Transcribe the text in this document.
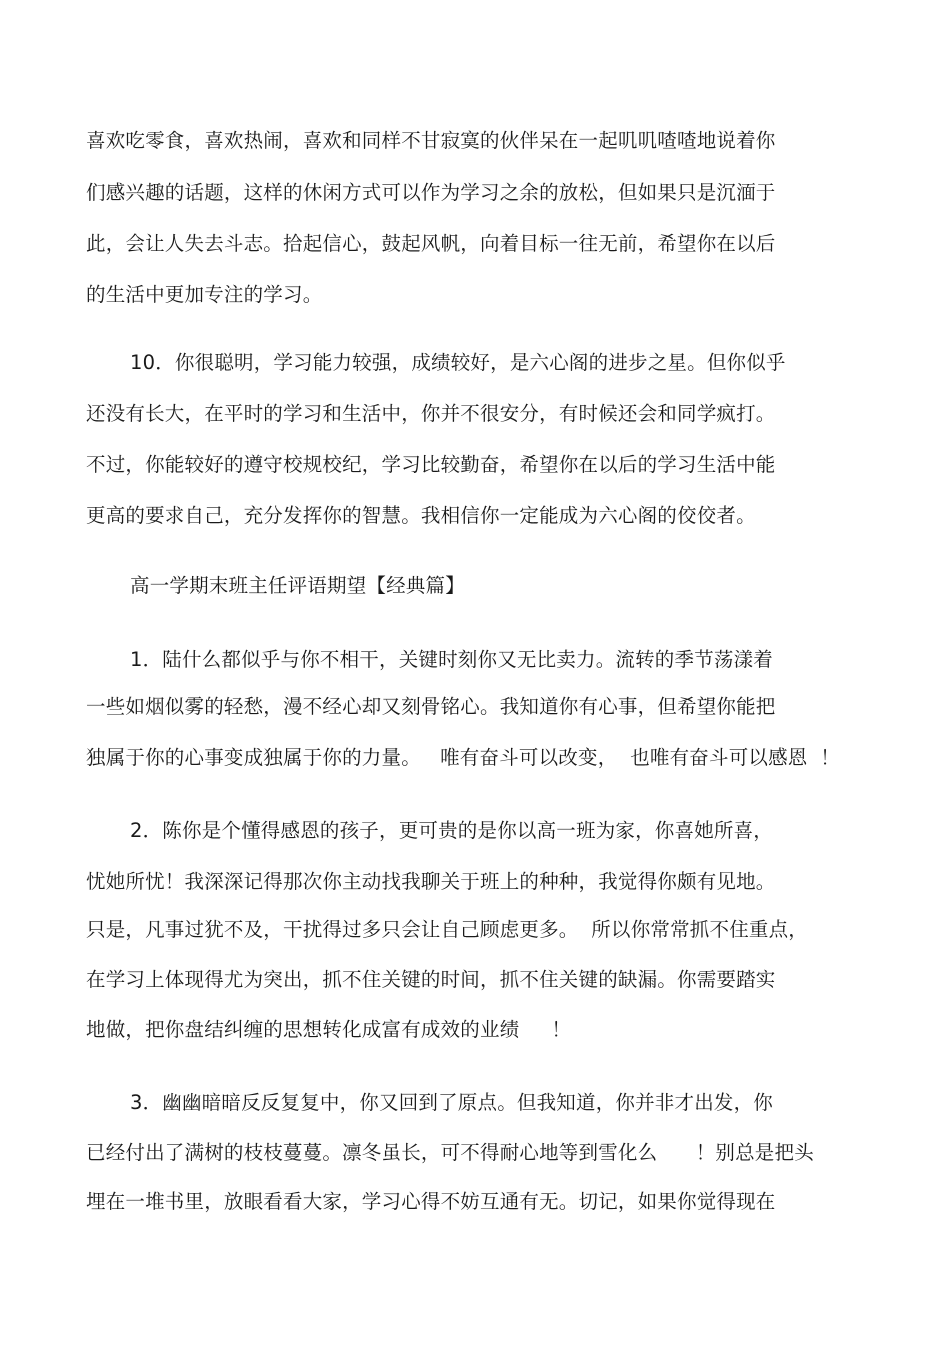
喜欢吃零食，喜欢热闹，喜欢和同样不甘寂寞的伙伴呆在一起叽叽喳喳地说着你
们感兴趣的话题，这样的休闲方式可以作为学习之余的放松，但如果只是沉湎于
此，会让人失去斗志。拾起信心，鼓起风帆，向着目标一往无前，希望你在以后
的生活中更加专注的学习。
10．你很聪明，学习能力较强，成绩较好，是六心阁的进步之星。但你似乎
还没有长大，在平时的学习和生活中，你并不很安分，有时候还会和同学疯打。
不过，你能较好的遵守校规校纪，学习比较勤奋，希望你在以后的学习生活中能
更高的要求自己，充分发挥你的智慧。我相信你一定能成为六心阁的佼佼者。
高一学期末班主任评语期望【经典篇】
1．陆什么都似乎与你不相干，关键时刻你又无比卖力。流转的季节荡漾着
一些如烟似雾的轻愁，漫不经心却又刻骨铭心。我知道你有心事，但希望你能把
独属于你的心事变成独属于你的力量。   唯有奋斗可以改变，  也唯有奋斗可以感恩  ！
2．陈你是个懂得感恩的孩子，更可贵的是你以高一班为家，你喜她所喜，
忧她所忧！我深深记得那次你主动找我聊关于班上的种种，我觉得你颇有见地。
只是，凡事过犹不及，干扰得过多只会让自己顾虑更多。  所以你常常抓不住重点，
在学习上体现得尤为突出，抓不住关键的时间，抓不住关键的缺漏。你需要踏实
地做，把你盘结纠缠的思想转化成富有成效的业绩     ！
3．幽幽暗暗反反复复中，你又回到了原点。但我知道，你并非才出发，你
已经付出了满树的枝枝蔓蔓。凛冬虽长，可不得耐心地等到雪化么      ！别总是把头
埋在一堆书里，放眼看看大家，学习心得不妨互通有无。切记，如果你觉得现在
